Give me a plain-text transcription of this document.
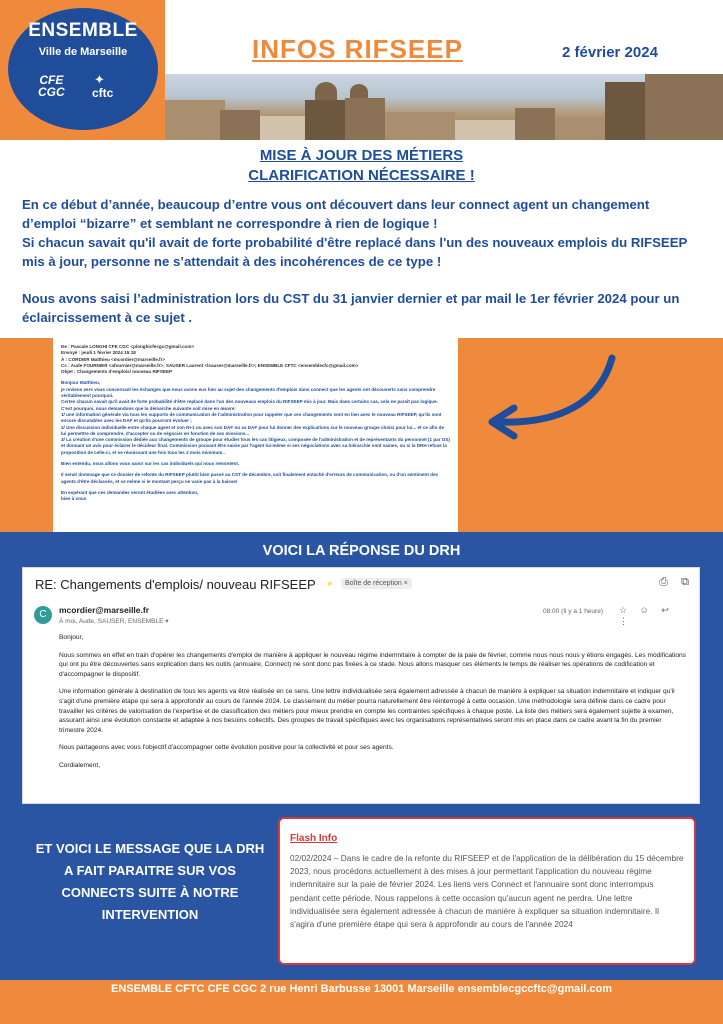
ENSEMBLE
Ville de Marseille
CFE
CGC
✦
cftc
INFOS RIFSEEP	2 février 2024
MISE À JOUR DES MÉTIERS
CLARIFICATION NÉCESSAIRE !

En ce début d’année, beaucoup d’entre vous ont découvert dans leur connect agent un changement d’emploi “bizarre” et semblant ne correspondre à rien de logique !

Si chacun savait qu'il avait de forte probabilité d'être replacé dans l'un des nouveaux emplois du RIFSEEP mis à jour, personne ne s’attendait à des incohérences de ce type !

Nous avons saisi l’administration lors du CST du 31 janvier dernier et par mail le 1er février 2024 pour un éclaircissement à ce sujet .

De : Pascale LONGHI CFE CGC <plonghicfecgc@gmail.com>
Envoyé : jeudi 1 février 2024 15:18
À : CORDIER Matthieu <mcordier@marseille.fr>
Cc : Aude FOURNIER <afournier@marseille.fr>; SAUSER Laurent <lsauser@marseille.fr>; ENSEMBLE CFTC <ensemblecfc@gmail.com>
Objet : Changements d'emplois/ nouveau RIFSEEP
Bonjour Matthieu,
je reviens vers vous concernant les échanges que nous avons eus hier au sujet des changements d'emplois dans connect que les agents ont découverts sans comprendre véritablement pourquoi.
Certes chacun savait qu'il avait de forte probabilité d'être replacé dans l'un des nouveaux emplois du RIFSEEP mis à jour. Mais dans certains cas, cela ne paraît pas logique.
C'est pourquoi, nous demandons que la démarche suivante soit mise en œuvre:
1/ une information générale via tous les supports de communication de l'administration pour rappeler que ces changements sont en lien avec le nouveau RIFSEEP, qu'ils sont encore discutables avec les DAF et qu'ils pourront évoluer ;
2/ Une discussion individuelle entre chaque agent et son N+1 ou avec son DAF ou sa DAF pour lui donner des explications sur le nouveau groupe choisi pour lui... et ce afin de lui permettre de comprendre, d'accepter ou de négocier en fonction de ses missions...
3/ La création d'une commission dédiée aux changements de groupe pour étudier tous les cas litigieux, composée de l'administration et de représentants du personnel (1 par OS) et donnant un avis pour éclairer le décideur final. Commission pouvant être saisie par l'agent lui-même si ses négociations avec sa hiérarchie sont vaines, ou si la DRH refuse la proposition de celle-ci, et se réunissant une fois tous les 2 mois minimum..
Bien entendu, nous allons vous saisir sur les cas individuels qui nous remontent.
Il serait dommage que ce dossier de refonte du RIFSEEP plutôt bien passé au CST de décembre, soit finalement entaché d'erreurs de communication, ou d'un sentiment des agents d'être déclassés, et ce même si le montant perçu ne varie pas à la baisse!
En espérant que ces demandes seront étudiées avec attention,
bien à vous
VOICI LA RÉPONSE DU DRH
RE: Changements d'emplois/ nouveau RIFSEEP »	Boîte de réception ×	⎙ ⧉
C	mcordier@marseille.fr
À moi, Aude, SAUSER, ENSEMBLE ▾
08:00 (Il y a 1 heure) ☆ ☺ ↩ ⋮

Bonjour,

Nous sommes en effet en train d'opérer les changements d'emploi de manière à appliquer le nouveau régime indemnitaire à compter de la paie de février, comme nous nous nous y étions engagés. Les modifications qui ont pu être découvertes sans explication dans les outils (annuaire, Connect) ne sont donc pas fixées à ce stade. Nous allons masquer ces éléments le temps de réaliser les opérations de codification et d'accompagner le dispositif.

Une information générale à destination de tous les agents va être réalisée en ce sens. Une lettre individualisée sera également adressée à chacun de manière à expliquer sa situation indemnitaire et indiquer qu'il s'agit d'une première étape qui sera à approfondir au cours de l'année 2024. Le classement du métier pourra naturellement être réinterrogé à cette occasion. Une méthodologie sera définie dans ce cadre pour travailler les critères de valorisation de l'expertise et de classification des métiers pour mieux prendre en compte les contraintes spécifiques à chaque poste. La liste des métiers sera également sujette à examen, assurant ainsi une évolution constante et adaptée à nos besoins collectifs. Des groupes de travail spécifiques avec les organisations représentatives seront mis en place dans ce cadre avant la fin du premier trimestre 2024.

Nous partageons avec vous l'objectif d'accompagner cette évolution positive pour la collectivité et pour ses agents.

Cordialement,

ET VOICI LE MESSAGE QUE LA DRH A FAIT PARAITRE SUR VOS CONNECTS SUITE À NOTRE INTERVENTION
Flash Info
02/02/2024 – Dans le cadre de la refonte du RIFSEEP et de l'application de la délibération du 15 décembre 2023, nous procédons actuellement à des mises à jour permettant l'application du nouveau régime indemnitaire sur la paie de février 2024. Les liens vers Connect et l'annuaire sont donc interrompus pendant cette période. Nous rappelons à cette occasion qu'aucun agent ne perdra. Une lettre individualisée sera également adressée à chacun de manière à expliquer sa situation indemnitaire. Il s'agira d'une première étape qui sera à approfondir au cours de l'année 2024
ENSEMBLE CFTC CFE CGC 2 rue Henri Barbusse 13001 Marseille ensemblecgccftc@gmail.com
